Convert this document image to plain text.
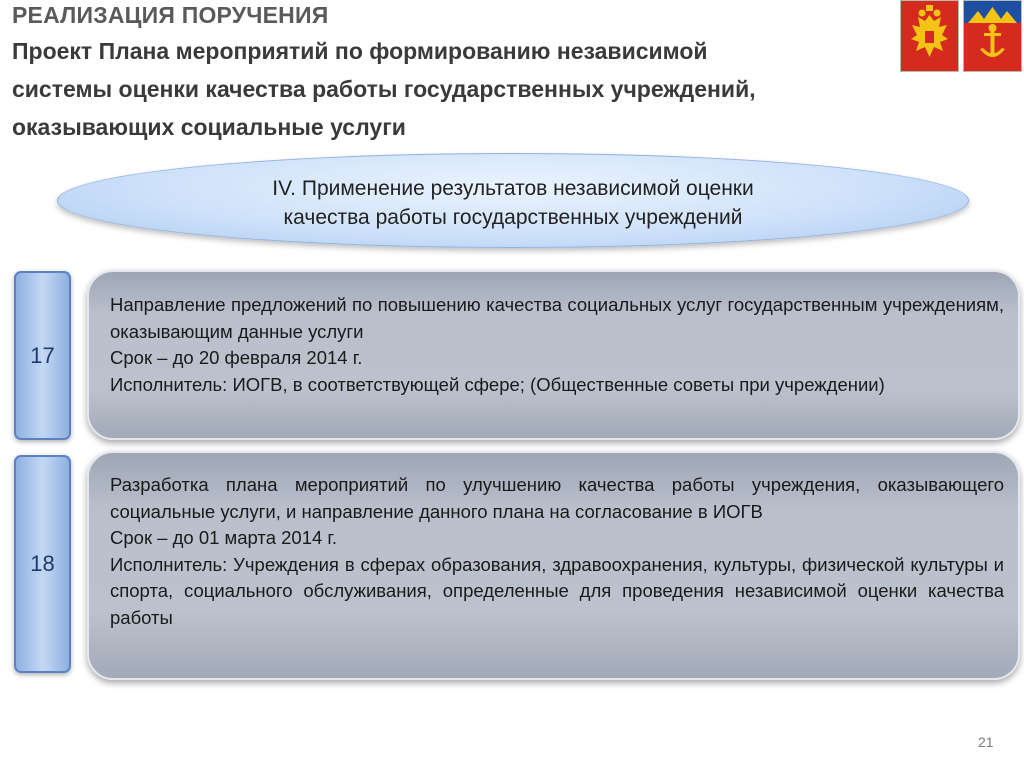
РЕАЛИЗАЦИЯ ПОРУЧЕНИЯ
Проект Плана мероприятий по формированию независимой
системы оценки качества работы государственных учреждений,
оказывающих социальные услуги
IV. Применение результатов независимой оценки
качества работы государственных учреждений
17
Направление предложений по повышению качества социальных услуг государственным учреждениям, оказывающим данные услуги
Срок – до 20 февраля 2014 г.
Исполнитель: ИОГВ, в соответствующей сфере; (Общественные советы при учреждении)
18
Разработка плана мероприятий по улучшению качества работы учреждения, оказывающего социальные услуги, и направление данного плана на согласование в ИОГВ
Срок – до 01 марта 2014 г.
Исполнитель: Учреждения в сферах образования, здравоохранения, культуры, физической культуры и спорта, социального обслуживания, определенные для проведения независимой оценки качества работы
21
